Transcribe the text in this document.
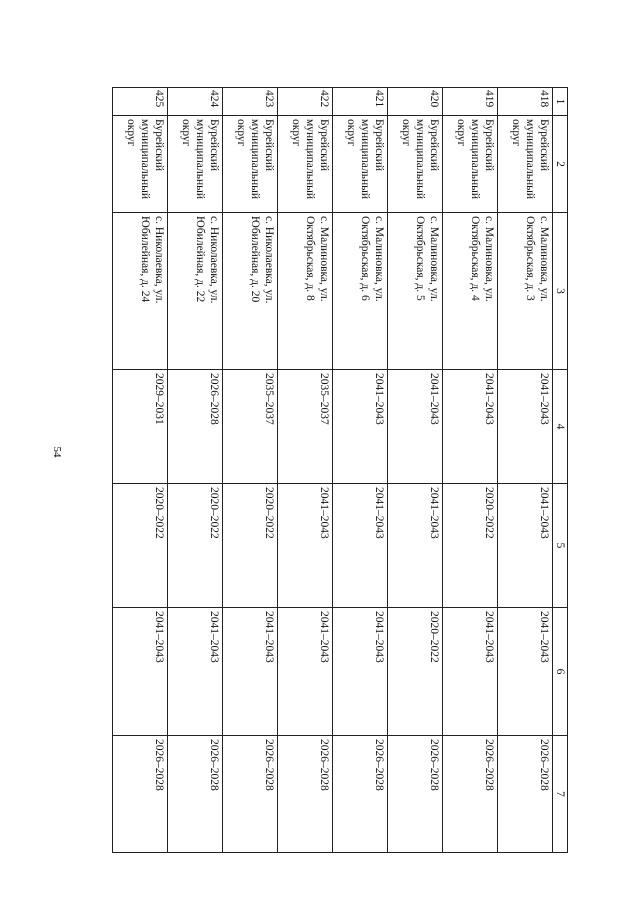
54
1	2	3	4	5	6	7
418	Бурейский муниципальный округ	с. Малиновка, ул. Октябрьская, д. 3	2041–2043	2041–2043	2041–2043	2026–2028
419	Бурейский муниципальный округ	с. Малиновка, ул. Октябрьская, д. 4	2041–2043	2020–2022	2041–2043	2026–2028
420	Бурейский муниципальный округ	с. Малиновка, ул. Октябрьская, д. 5	2041–2043	2041–2043	2020–2022	2026–2028
421	Бурейский муниципальный округ	с. Малиновка, ул. Октябрьская, д. 6	2041–2043	2041–2043	2041–2043	2026–2028
422	Бурейский муниципальный округ	с. Малиновка, ул. Октябрьская, д. 8	2035–2037	2041–2043	2041–2043	2026–2028
423	Бурейский муниципальный округ	с. Николаевка, ул. Юбилейная, д. 20	2035–2037	2020–2022	2041–2043	2026–2028
424	Бурейский муниципальный округ	с. Николаевка, ул. Юбилейная, д. 22	2026–2028	2020–2022	2041–2043	2026–2028
425	Бурейский муниципальный округ	с. Николаевка, ул. Юбилейная, д. 24	2029–2031	2020–2022	2041–2043	2026–2028
